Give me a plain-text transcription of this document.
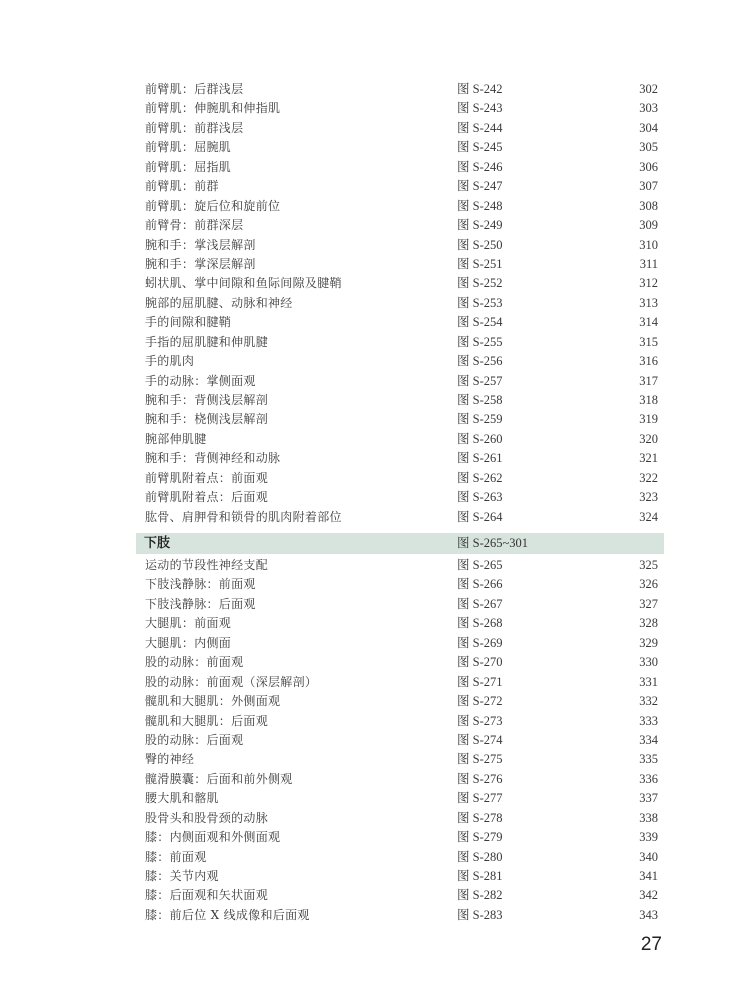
前臂肌：后群浅层	图 S-242	302
前臂肌：伸腕肌和伸指肌	图 S-243	303
前臂肌：前群浅层	图 S-244	304
前臂肌：屈腕肌	图 S-245	305
前臂肌：屈指肌	图 S-246	306
前臂肌：前群	图 S-247	307
前臂肌：旋后位和旋前位	图 S-248	308
前臂骨：前群深层	图 S-249	309
腕和手：掌浅层解剖	图 S-250	310
腕和手：掌深层解剖	图 S-251	311
蚓状肌、掌中间隙和鱼际间隙及腱鞘	图 S-252	312
腕部的屈肌腱、动脉和神经	图 S-253	313
手的间隙和腱鞘	图 S-254	314
手指的屈肌腱和伸肌腱	图 S-255	315
手的肌肉	图 S-256	316
手的动脉：掌侧面观	图 S-257	317
腕和手：背侧浅层解剖	图 S-258	318
腕和手：桡侧浅层解剖	图 S-259	319
腕部伸肌腱	图 S-260	320
腕和手：背侧神经和动脉	图 S-261	321
前臂肌附着点：前面观	图 S-262	322
前臂肌附着点：后面观	图 S-263	323
肱骨、肩胛骨和锁骨的肌肉附着部位	图 S-264	324
下肢	图 S-265~301
运动的节段性神经支配	图 S-265	325
下肢浅静脉：前面观	图 S-266	326
下肢浅静脉：后面观	图 S-267	327
大腿肌：前面观	图 S-268	328
大腿肌：内侧面	图 S-269	329
股的动脉：前面观	图 S-270	330
股的动脉：前面观（深层解剖）	图 S-271	331
髋肌和大腿肌：外侧面观	图 S-272	332
髋肌和大腿肌：后面观	图 S-273	333
股的动脉：后面观	图 S-274	334
臀的神经	图 S-275	335
髋滑膜囊：后面和前外侧观	图 S-276	336
腰大肌和髂肌	图 S-277	337
股骨头和股骨颈的动脉	图 S-278	338
膝：内侧面观和外侧面观	图 S-279	339
膝：前面观	图 S-280	340
膝：关节内观	图 S-281	341
膝：后面观和矢状面观	图 S-282	342
膝：前后位 X 线成像和后面观	图 S-283	343
27
